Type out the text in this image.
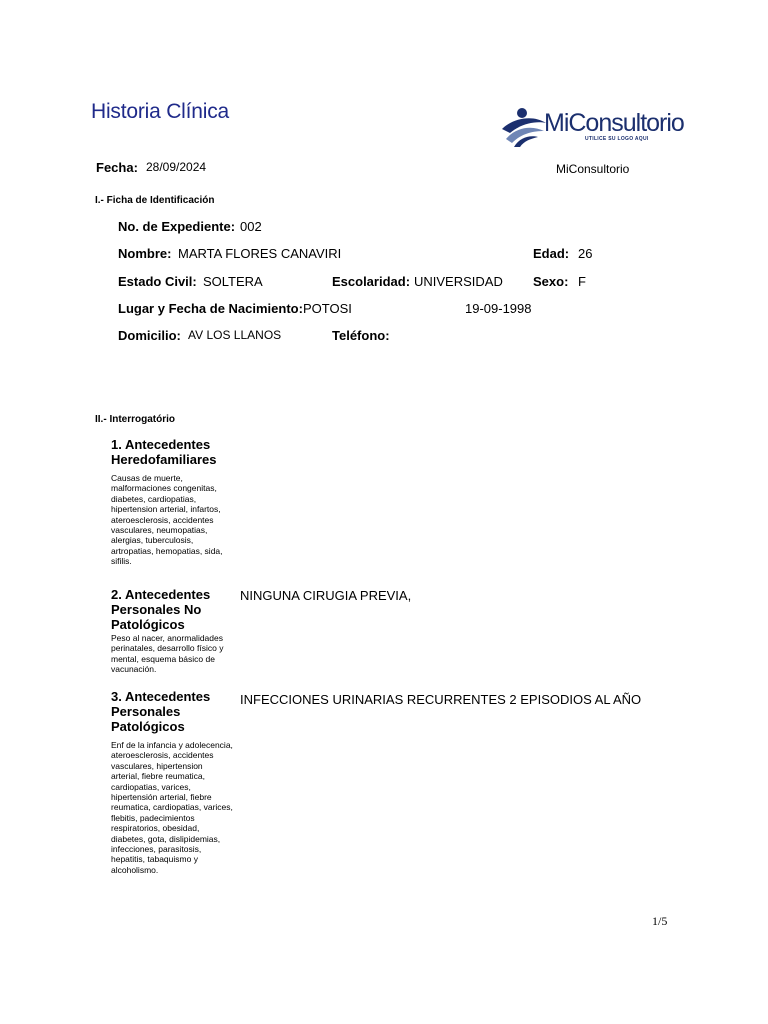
Historia Clínica	MiConsultorio
UTILICE SU LOGO AQUI
Fecha: 28/09/2024	MiConsultorio
I.- Ficha de Identificación
No. de Expediente: 002
Nombre: MARTA FLORES CANAVIRI	Edad: 26
Estado Civil: SOLTERA	Escolaridad: UNIVERSIDAD Sexo: F
Lugar y Fecha de Nacimiento: POTOSI	19-09-1998
Domicilio: AV LOS LLANOS	Teléfono:
II.- Interrogatório
1. Antecedentes Heredofamiliares
Causas de muerte, malformaciones congenitas, diabetes, cardiopatias, hipertension arterial, infartos, ateroesclerosis, accidentes vasculares, neumopatias, alergias, tuberculosis, artropatias, hemopatias, sida, sifilis.
2. Antecedentes Personales No Patológicos
Peso al nacer, anormalidades perinatales, desarrollo físico y mental, esquema básico de vacunación.
NINGUNA CIRUGIA PREVIA,
3. Antecedentes Personales Patológicos
Enf de la infancia y adolecencia, ateroesclerosis, accidentes vasculares, hipertension arterial, fiebre reumatica, cardiopatias, varices, hipertensión arterial, fiebre reumatica, cardiopatias, varices, flebitis, padecimientos respiratorios, obesidad, diabetes, gota, dislipidemias, infecciones, parasitosis, hepatitis, tabaquismo y alcoholismo.
INFECCIONES URINARIAS RECURRENTES 2 EPISODIOS AL AÑO
1/5
